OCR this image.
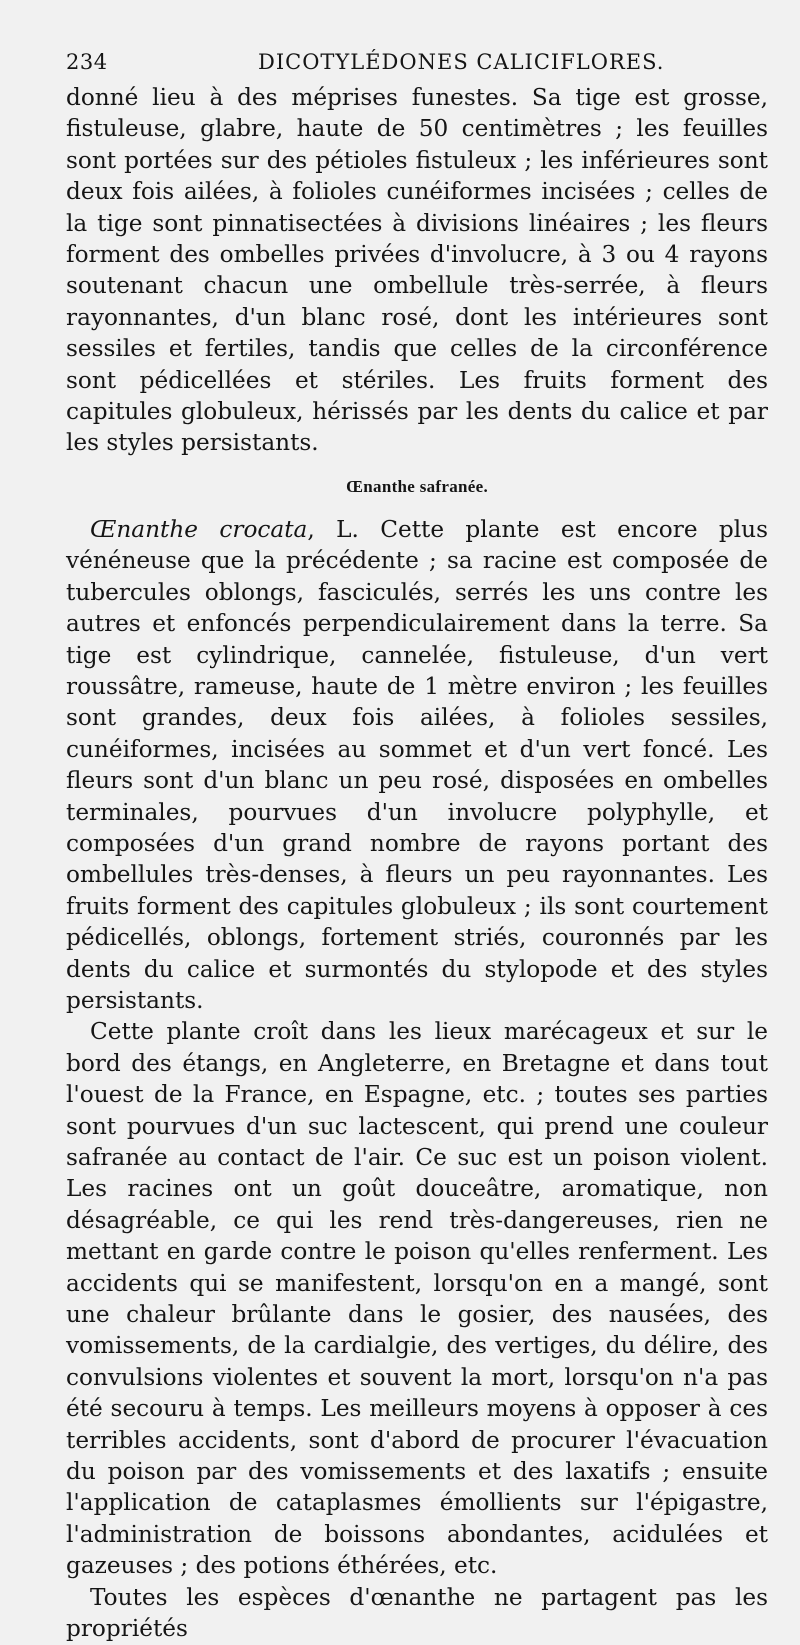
234	DICOTYLÉDONES CALICIFLORES.

donné lieu à des méprises funestes. Sa tige est grosse, fistuleuse, glabre, haute de 50 centimètres ; les feuilles sont portées sur des pétioles fistuleux ; les inférieures sont deux fois ailées, à folioles cunéiformes incisées ; celles de la tige sont pinnatisectées à divisions linéaires ; les fleurs forment des ombelles privées d'involucre, à 3 ou 4 rayons soutenant chacun une ombellule très-serrée, à fleurs rayonnantes, d'un blanc rosé, dont les intérieures sont sessiles et fertiles, tandis que celles de la circonférence sont pédicellées et stériles. Les fruits forment des capitules globuleux, hérissés par les dents du calice et par les styles persistants.

Œnanthe safranée.

Œnanthe crocata, L. Cette plante est encore plus vénéneuse que la précédente ; sa racine est composée de tubercules oblongs, fasciculés, serrés les uns contre les autres et enfoncés perpendiculairement dans la terre. Sa tige est cylindrique, cannelée, fistuleuse, d'un vert roussâtre, rameuse, haute de 1 mètre environ ; les feuilles sont grandes, deux fois ailées, à folioles sessiles, cunéiformes, incisées au sommet et d'un vert foncé. Les fleurs sont d'un blanc un peu rosé, disposées en ombelles terminales, pourvues d'un involucre polyphylle, et composées d'un grand nombre de rayons portant des ombellules très-denses, à fleurs un peu rayonnantes. Les fruits forment des capitules globuleux ; ils sont courtement pédicellés, oblongs, fortement striés, couronnés par les dents du calice et surmontés du stylopode et des styles persistants.

Cette plante croît dans les lieux marécageux et sur le bord des étangs, en Angleterre, en Bretagne et dans tout l'ouest de la France, en Espagne, etc. ; toutes ses parties sont pourvues d'un suc lactescent, qui prend une couleur safranée au contact de l'air. Ce suc est un poison violent. Les racines ont un goût douceâtre, aromatique, non désagréable, ce qui les rend très-dangereuses, rien ne mettant en garde contre le poison qu'elles renferment. Les accidents qui se manifestent, lorsqu'on en a mangé, sont une chaleur brûlante dans le gosier, des nausées, des vomissements, de la cardialgie, des vertiges, du délire, des convulsions violentes et souvent la mort, lorsqu'on n'a pas été secouru à temps. Les meilleurs moyens à opposer à ces terribles accidents, sont d'abord de procurer l'évacuation du poison par des vomissements et des laxatifs ; ensuite l'application de cataplasmes émollients sur l'épigastre, l'administration de boissons abondantes, acidulées et gazeuses ; des potions éthérées, etc.

Toutes les espèces d'œnanthe ne partagent pas les propriétés
